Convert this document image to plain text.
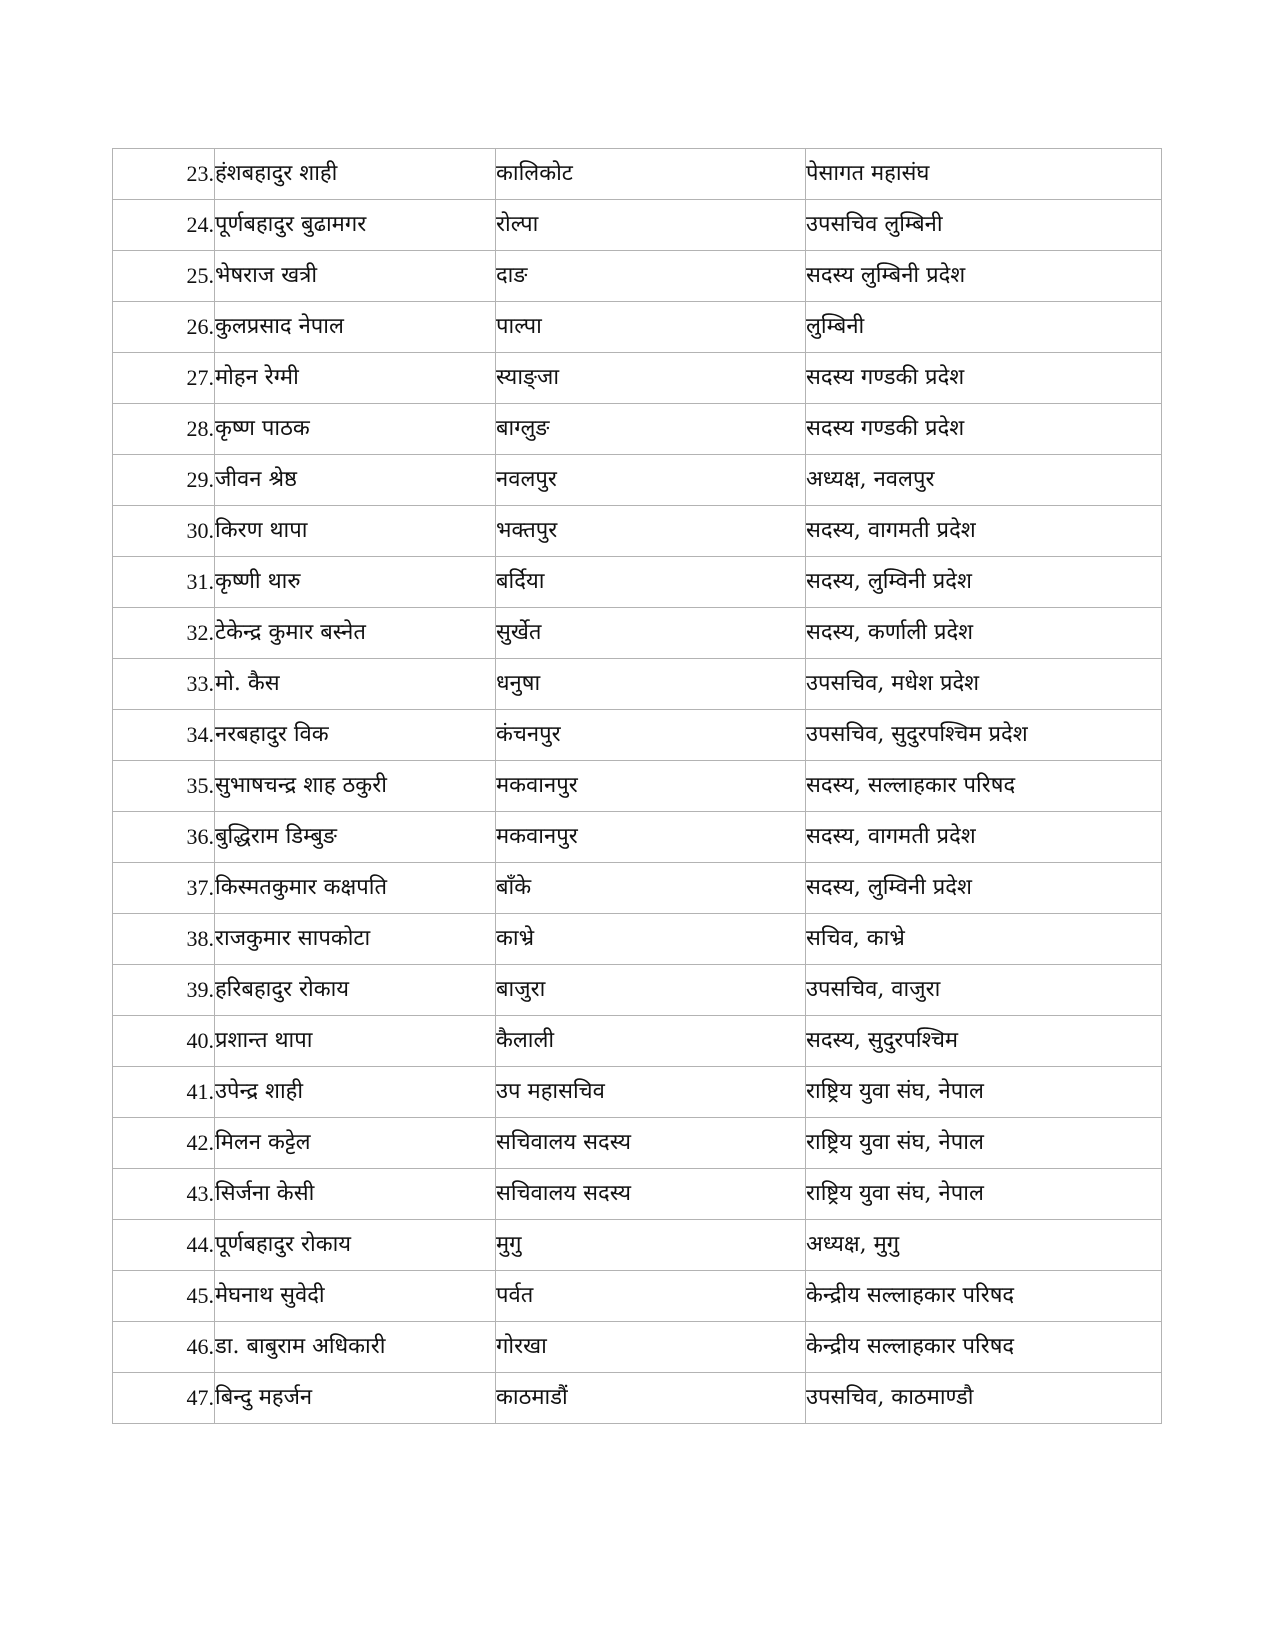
23.	हंशबहादुर शाही	कालिकोट	पेसागत महासंघ
24.	पूर्णबहादुर बुढामगर	रोल्पा	उपसचिव लुम्बिनी
25.	भेषराज खत्री	दाङ	सदस्य लुम्बिनी प्रदेश
26.	कुलप्रसाद नेपाल	पाल्पा	लुम्बिनी
27.	मोहन रेग्मी	स्याङ्जा	सदस्य गण्डकी प्रदेश
28.	कृष्ण पाठक	बाग्लुङ	सदस्य गण्डकी प्रदेश
29.	जीवन श्रेष्ठ	नवलपुर	अध्यक्ष, नवलपुर
30.	किरण थापा	भक्तपुर	सदस्य, वागमती प्रदेश
31.	कृष्णी थारु	बर्दिया	सदस्य, लुम्विनी प्रदेश
32.	टेकेन्द्र कुमार बस्नेत	सुर्खेत	सदस्य, कर्णाली प्रदेश
33.	मो. कैस	धनुषा	उपसचिव, मधेश प्रदेश
34.	नरबहादुर विक	कंचनपुर	उपसचिव, सुदुरपश्चिम प्रदेश
35.	सुभाषचन्द्र शाह ठकुरी	मकवानपुर	सदस्य, सल्लाहकार परिषद
36.	बुद्धिराम डिम्बुङ	मकवानपुर	सदस्य, वागमती प्रदेश
37.	किस्मतकुमार कक्षपति	बाँके	सदस्य, लुम्विनी प्रदेश
38.	राजकुमार सापकोटा	काभ्रे	सचिव, काभ्रे
39.	हरिबहादुर रोकाय	बाजुरा	उपसचिव, वाजुरा
40.	प्रशान्त थापा	कैलाली	सदस्य, सुदुरपश्चिम
41.	उपेन्द्र शाही	उप महासचिव	राष्ट्रिय युवा संघ, नेपाल
42.	मिलन कट्टेल	सचिवालय सदस्य	राष्ट्रिय युवा संघ, नेपाल
43.	सिर्जना केसी	सचिवालय सदस्य	राष्ट्रिय युवा संघ, नेपाल
44.	पूर्णबहादुर रोकाय	मुगु	अध्यक्ष, मुगु
45.	मेघनाथ सुवेदी	पर्वत	केन्द्रीय सल्लाहकार परिषद
46.	डा. बाबुराम अधिकारी	गोरखा	केन्द्रीय सल्लाहकार परिषद
47.	बिन्दु महर्जन	काठमाडौं	उपसचिव, काठमाण्डौ
